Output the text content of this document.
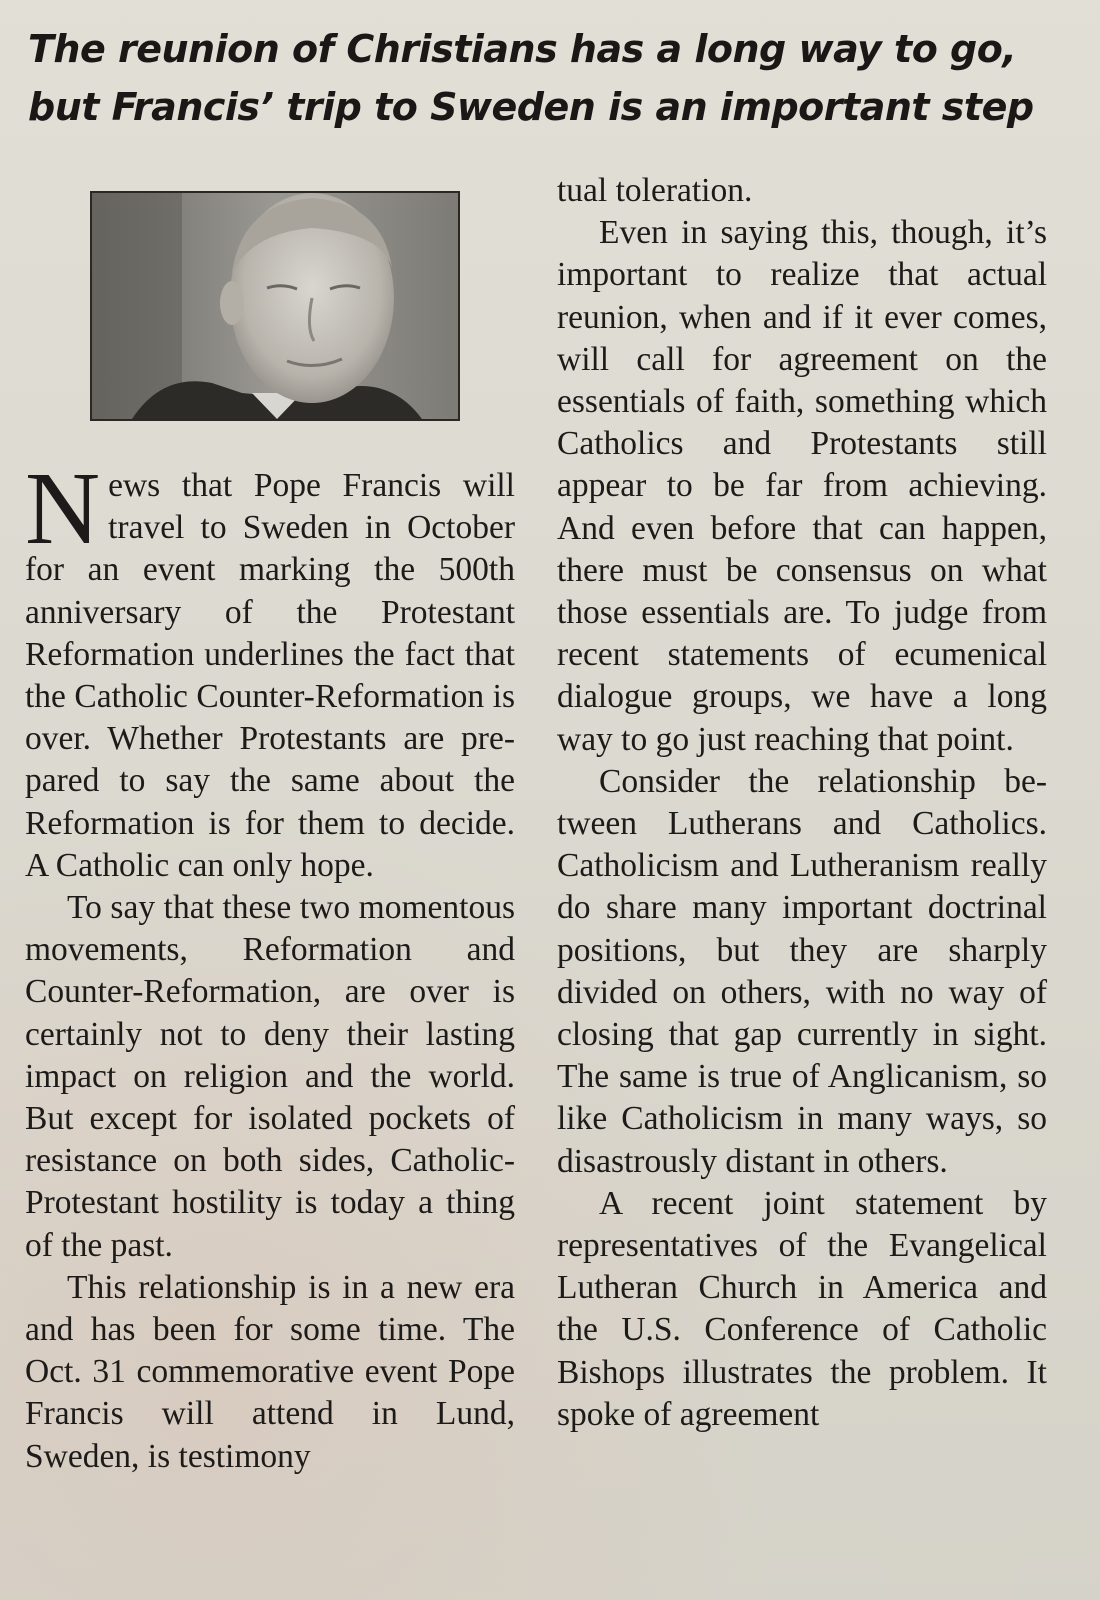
The reunion of Christians has a long way to go, but Francis’ trip to Sweden is an important step

News that Pope Francis will travel to Sweden in October for an event marking the 500th anniversary of the Protestant Reformation underlines the fact that the Catholic Counter-Reformation is over. Whether Protestants are prepared to say the same about the Reformation is for them to decide. A Catholic can only hope.

To say that these two momentous movements, Reformation and Counter-Reformation, are over is certainly not to deny their lasting impact on religion and the world. But except for isolated pockets of resistance on both sides, Catholic-Protestant hostility is today a thing of the past.

This relationship is in a new era and has been for some time. The Oct. 31 commemorative event Pope Francis will attend in Lund, Sweden, is testimony

tual toleration.

Even in saying this, though, it’s important to realize that actual reunion, when and if it ever comes, will call for agreement on the essentials of faith, something which Catholics and Protestants still appear to be far from achieving. And even before that can happen, there must be consensus on what those essentials are. To judge from recent statements of ecumenical dialogue groups, we have a long way to go just reaching that point.

Consider the relationship between Lutherans and Catholics. Catholicism and Lutheranism really do share many important doctrinal positions, but they are sharply divided on others, with no way of closing that gap currently in sight. The same is true of Anglicanism, so like Catholicism in many ways, so disastrously distant in others.

A recent joint statement by representatives of the Evangelical Lutheran Church in America and the U.S. Conference of Catholic Bishops illustrates the problem. It spoke of agreement
